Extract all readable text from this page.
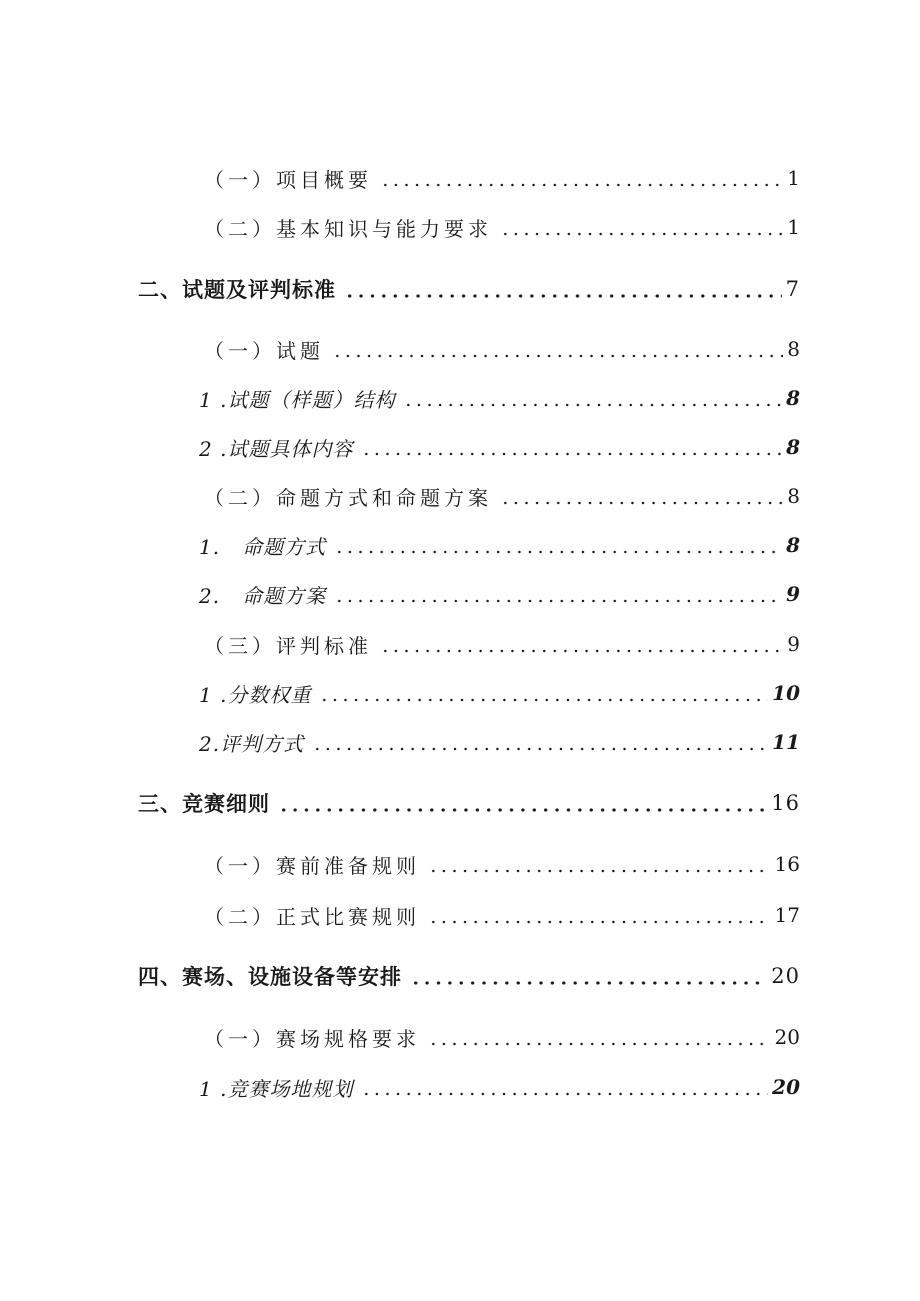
（一）项目概要	1
（二）基本知识与能力要求	1
二、试题及评判标准	7
（一）试题	8
1 .试题（样题）结构	8
2 .试题具体内容	8
（二）命题方式和命题方案	8
1.   命题方式	8
2.   命题方案	9
（三）评判标准	9
1 .分数权重	10
2.评判方式	11
三、竞赛细则	16
（一）赛前准备规则	16
（二）正式比赛规则	17
四、赛场、设施设备等安排	20
（一）赛场规格要求	20
1 .竞赛场地规划	20
